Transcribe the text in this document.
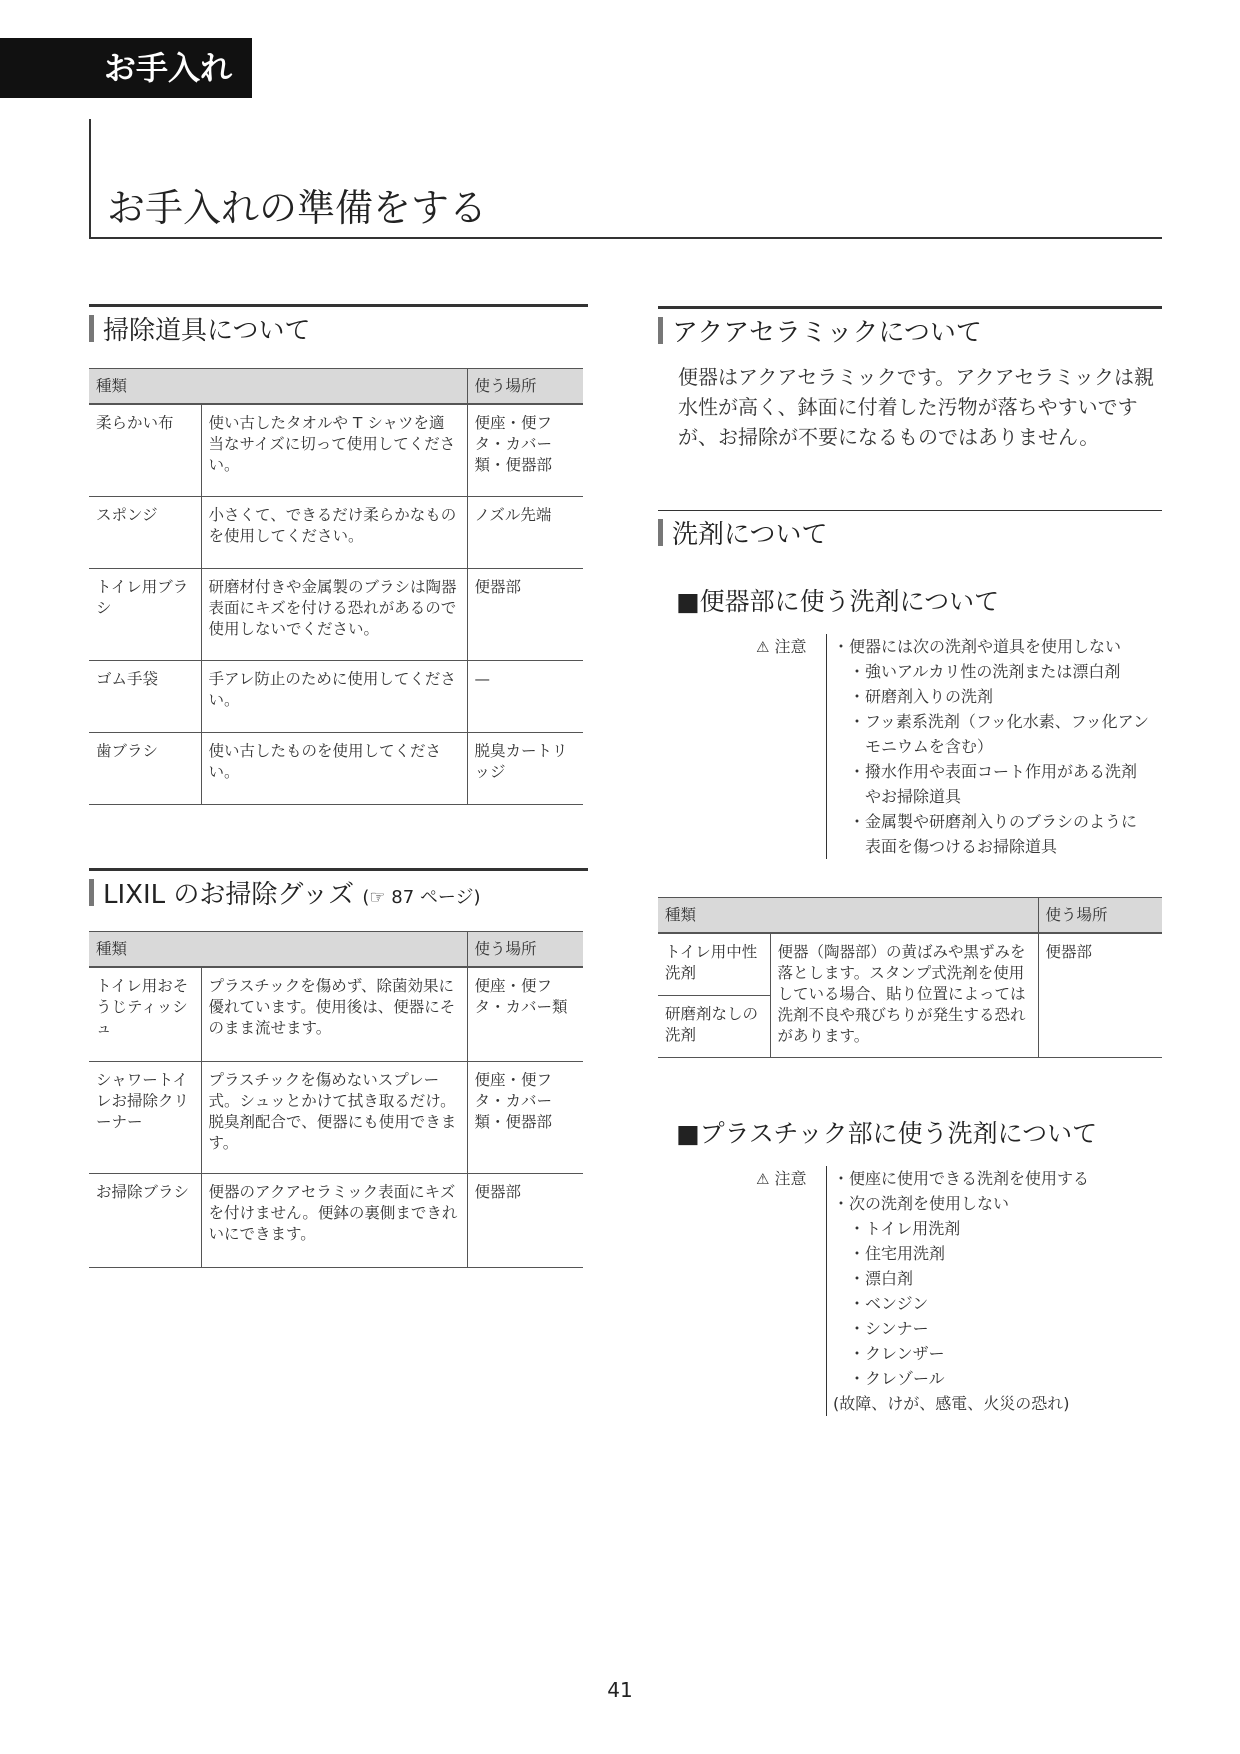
お手入れ
お手入れの準備をする
掃除道具について
種類		使う場所
柔らかい布	使い古したタオルや T シャツを適当なサイズに切って使用してください。	便座・便フタ・カバー類・便器部
スポンジ	小さくて、できるだけ柔らかなものを使用してください。	ノズル先端
トイレ用ブラシ	研磨材付きや金属製のブラシは陶器表面にキズを付ける恐れがあるので使用しないでください。	便器部
ゴム手袋	手アレ防止のために使用してください。	—
歯ブラシ	使い古したものを使用してください。	脱臭カートリッジ
LIXIL のお掃除グッズ (☞ 87 ページ)
種類		使う場所
トイレ用おそうじティッシュ	プラスチックを傷めず、除菌効果に優れています。使用後は、便器にそのまま流せます。	便座・便フタ・カバー類
シャワートイレお掃除クリーナー	プラスチックを傷めないスプレー式。シュッとかけて拭き取るだけ。脱臭剤配合で、便器にも使用できます。	便座・便フタ・カバー類・便器部
お掃除ブラシ	便器のアクアセラミック表面にキズを付けません。便鉢の裏側まできれいにできます。	便器部
アクアセラミックについて
便器はアクアセラミックです。アクアセラミックは親水性が高く、鉢面に付着した汚物が落ちやすいですが、お掃除が不要になるものではありません。
洗剤について
■便器部に使う洗剤について
⚠ 注意 ・便器には次の洗剤や道具を使用しない
・強いアルカリ性の洗剤または漂白剤
・研磨剤入りの洗剤
・フッ素系洗剤（フッ化水素、フッ化アン
モニウムを含む）
・撥水作用や表面コート作用がある洗剤
やお掃除道具
・金属製や研磨剤入りのブラシのように
表面を傷つけるお掃除道具
種類		使う場所
トイレ用中性洗剤	便器（陶器部）の黄ばみや黒ずみを落とします。スタンプ式洗剤を使用している場合、貼り位置によっては洗剤不良や飛びちりが発生する恐れがあります。	便器部
研磨剤なしの洗剤		
■プラスチック部に使う洗剤について
⚠ 注意 ・便座に使用できる洗剤を使用する
・次の洗剤を使用しない
・トイレ用洗剤
・住宅用洗剤
・漂白剤
・ベンジン
・シンナー
・クレンザー
・クレゾール
(故障、けが、感電、火災の恐れ)
41
